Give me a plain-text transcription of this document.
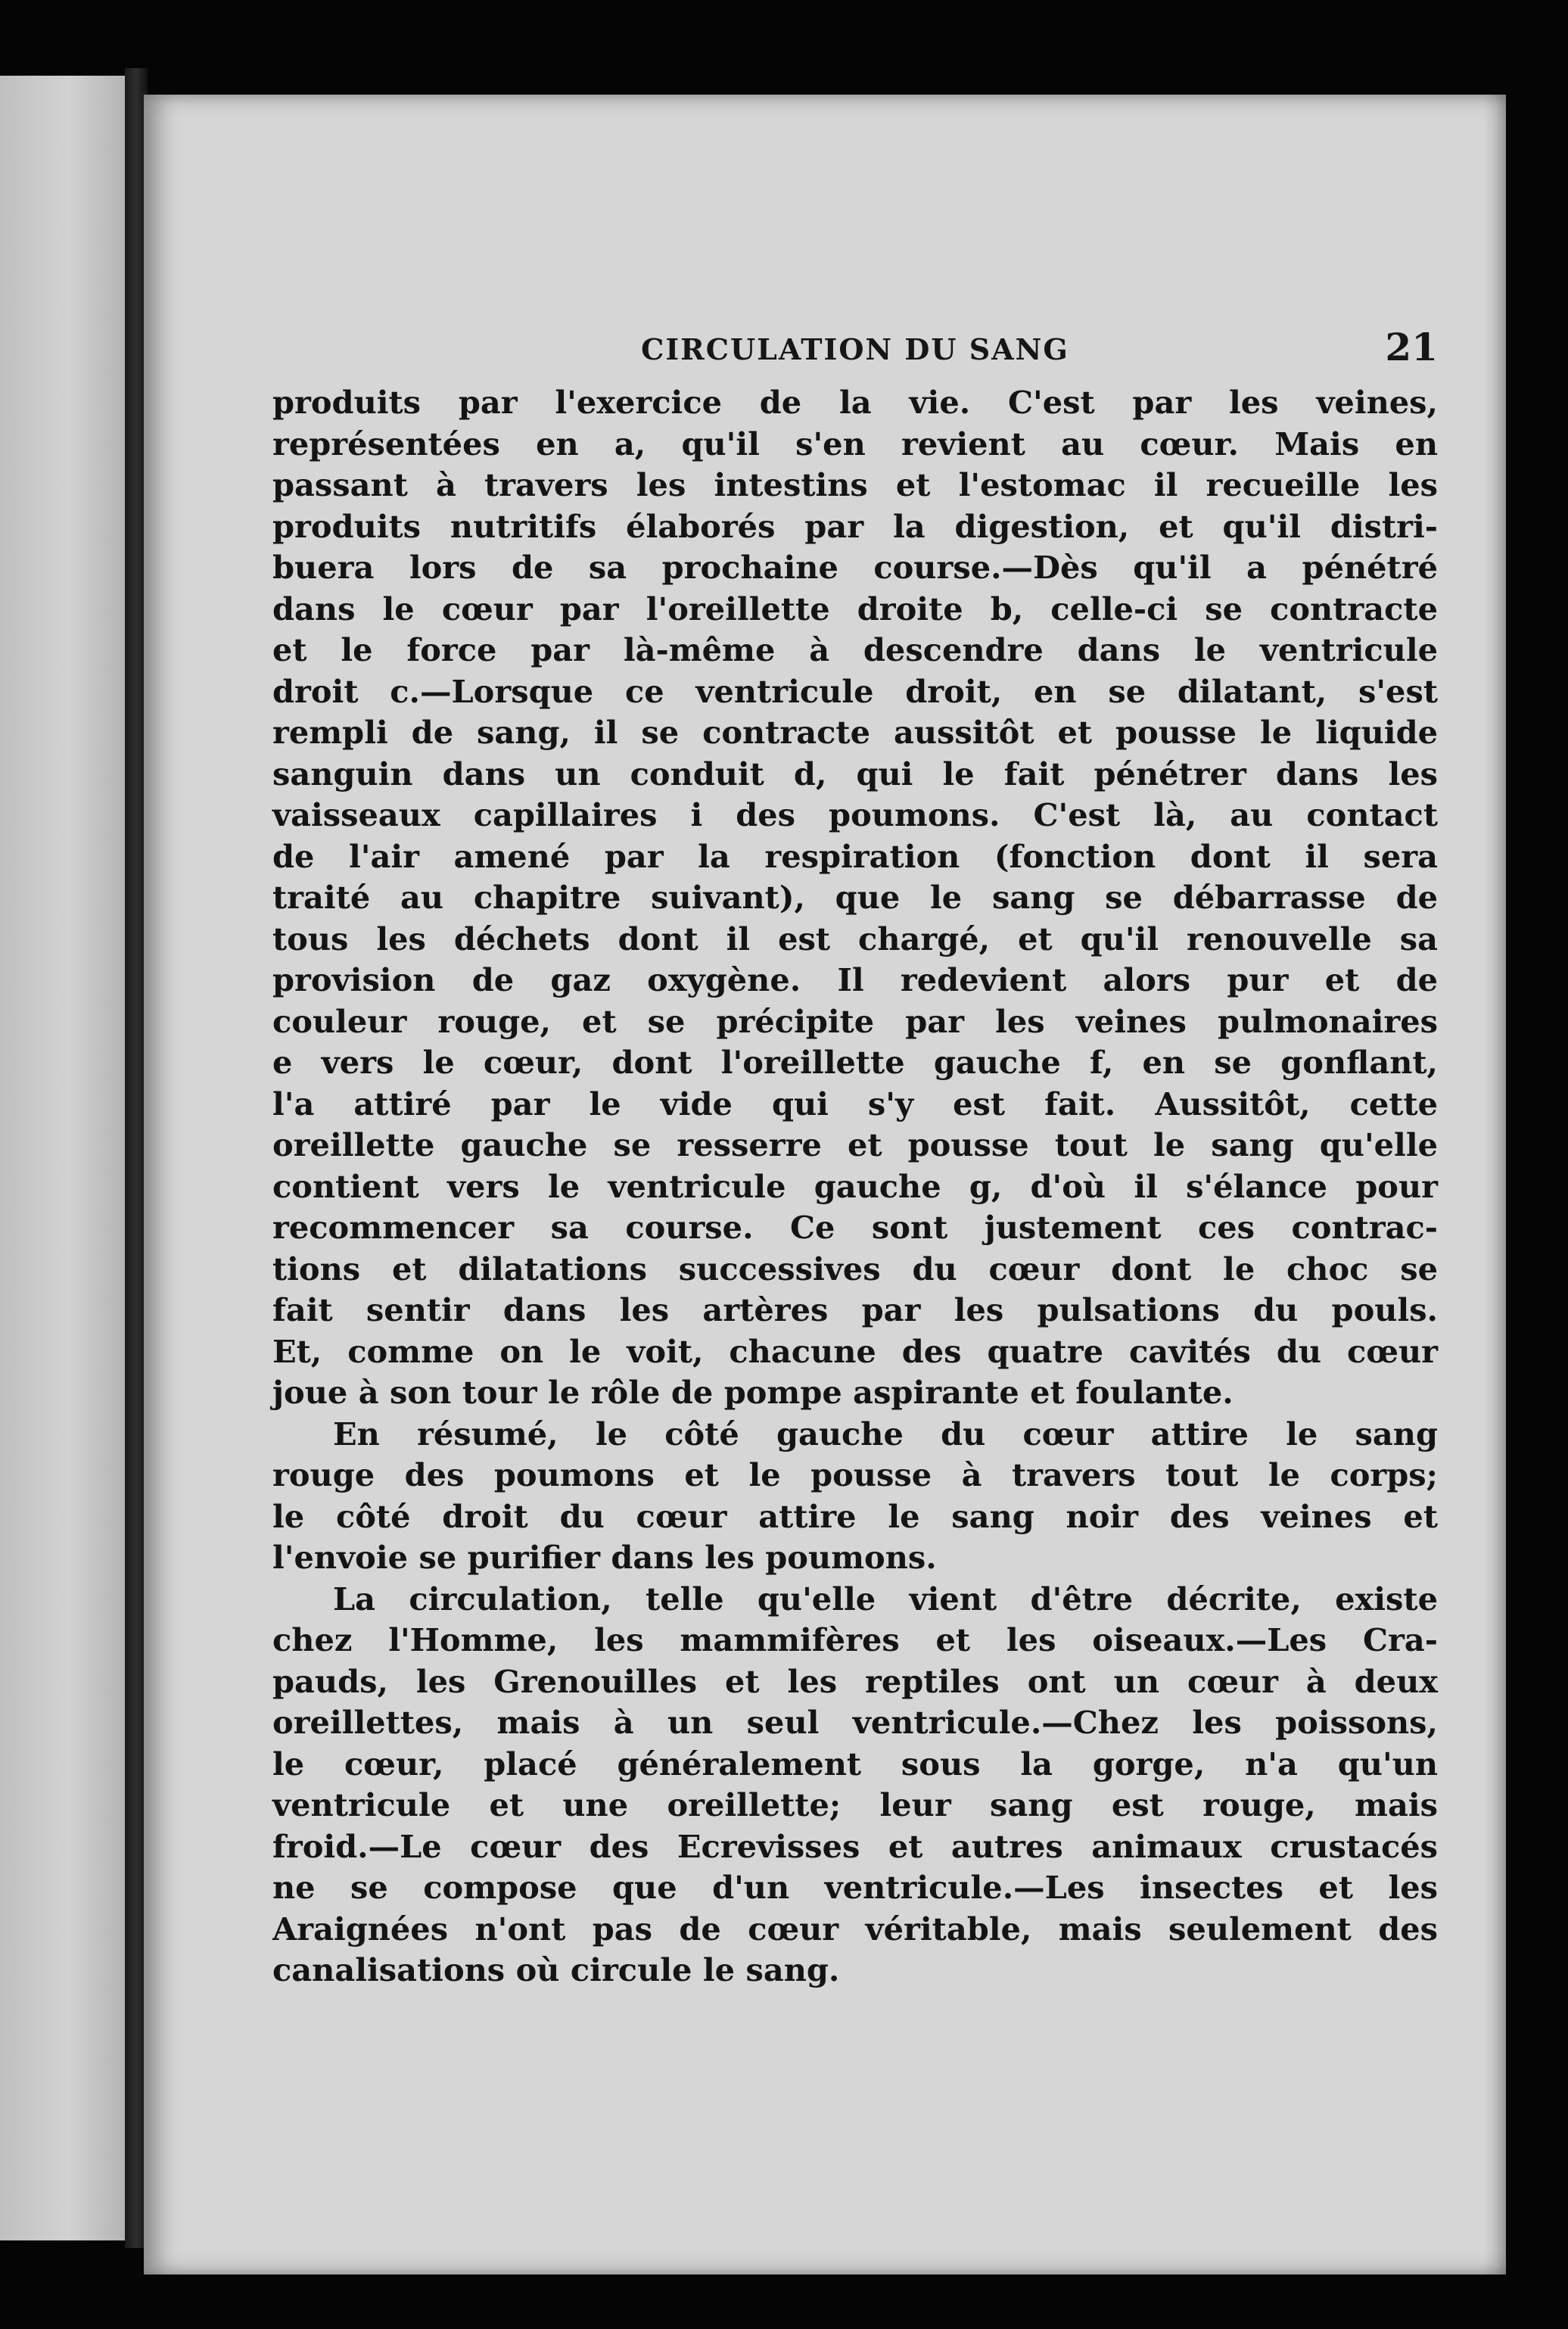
CIRCULATION DU SANG	21

produits par l'exercice de la vie. C'est par les veines,

représentées en a, qu'il s'en revient au cœur. Mais en

passant à travers les intestins et l'estomac il recueille les

produits nutritifs élaborés par la digestion, et qu'il distri-

buera lors de sa prochaine course.—Dès qu'il a pénétré

dans le cœur par l'oreillette droite b, celle-ci se contracte

et le force par là-même à descendre dans le ventricule

droit c.—Lorsque ce ventricule droit, en se dilatant, s'est

rempli de sang, il se contracte aussitôt et pousse le liquide

sanguin dans un conduit d, qui le fait pénétrer dans les

vaisseaux capillaires i des poumons. C'est là, au contact

de l'air amené par la respiration (fonction dont il sera

traité au chapitre suivant), que le sang se débarrasse de

tous les déchets dont il est chargé, et qu'il renouvelle sa

provision de gaz oxygène. Il redevient alors pur et de

couleur rouge, et se précipite par les veines pulmonaires

e vers le cœur, dont l'oreillette gauche f, en se gonflant,

l'a attiré par le vide qui s'y est fait. Aussitôt, cette

oreillette gauche se resserre et pousse tout le sang qu'elle

contient vers le ventricule gauche g, d'où il s'élance pour

recommencer sa course. Ce sont justement ces contrac-

tions et dilatations successives du cœur dont le choc se

fait sentir dans les artères par les pulsations du pouls.

Et, comme on le voit, chacune des quatre cavités du cœur

joue à son tour le rôle de pompe aspirante et foulante.

En résumé, le côté gauche du cœur attire le sang

rouge des poumons et le pousse à travers tout le corps;

le côté droit du cœur attire le sang noir des veines et

l'envoie se purifier dans les poumons.

La circulation, telle qu'elle vient d'être décrite, existe

chez l'Homme, les mammifères et les oiseaux.—Les Cra-

pauds, les Grenouilles et les reptiles ont un cœur à deux

oreillettes, mais à un seul ventricule.—Chez les poissons,

le cœur, placé généralement sous la gorge, n'a qu'un

ventricule et une oreillette; leur sang est rouge, mais

froid.—Le cœur des Ecrevisses et autres animaux crustacés

ne se compose que d'un ventricule.—Les insectes et les

Araignées n'ont pas de cœur véritable, mais seulement des

canalisations où circule le sang.
